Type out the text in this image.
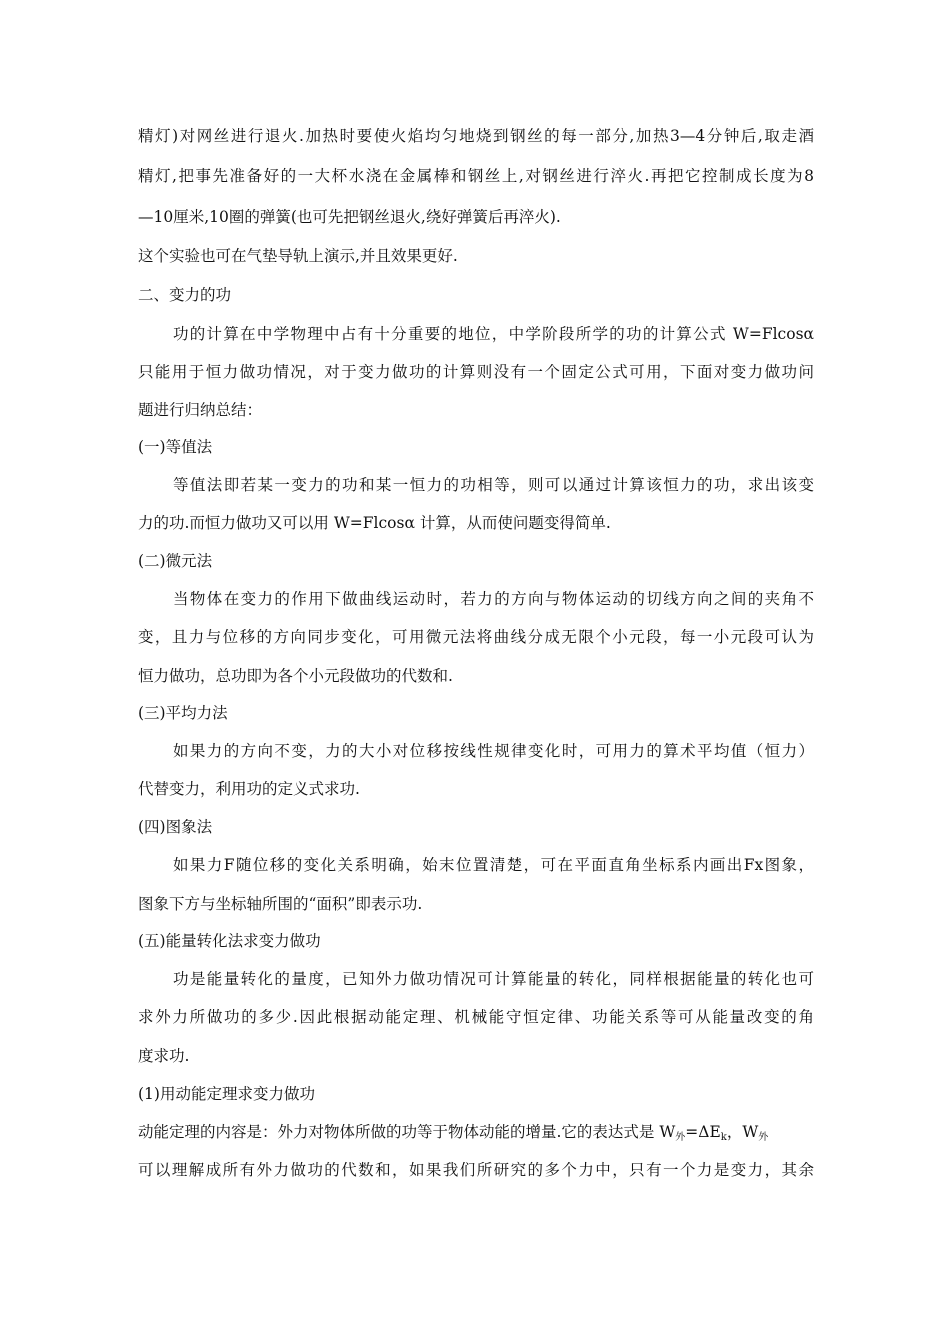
精灯)对网丝进行退火.加热时要使火焰均匀地烧到钢丝的每一部分,加热3—4分钟后,取走酒
精灯,把事先准备好的一大杯水浇在金属棒和钢丝上,对钢丝进行淬火.再把它控制成长度为8
—10厘米,10圈的弹簧(也可先把钢丝退火,绕好弹簧后再淬火).
这个实验也可在气垫导轨上演示,并且效果更好.
二、变力的功
功的计算在中学物理中占有十分重要的地位，中学阶段所学的功的计算公式 W=Flcosα
只能用于恒力做功情况，对于变力做功的计算则没有一个固定公式可用，下面对变力做功问
题进行归纳总结：
(一)等值法
等值法即若某一变力的功和某一恒力的功相等，则可以通过计算该恒力的功，求出该变
力的功.而恒力做功又可以用 W=Flcosα 计算，从而使问题变得简单.
(二)微元法
当物体在变力的作用下做曲线运动时，若力的方向与物体运动的切线方向之间的夹角不
变，且力与位移的方向同步变化，可用微元法将曲线分成无限个小元段，每一小元段可认为
恒力做功，总功即为各个小元段做功的代数和.
(三)平均力法
如果力的方向不变，力的大小对位移按线性规律变化时，可用力的算术平均值（恒力）
代替变力，利用功的定义式求功.
(四)图象法
如果力F随位移的变化关系明确，始末位置清楚，可在平面直角坐标系内画出Fx图象，
图象下方与坐标轴所围的“面积”即表示功.
(五)能量转化法求变力做功
功是能量转化的量度，已知外力做功情况可计算能量的转化，同样根据能量的转化也可
求外力所做功的多少.因此根据动能定理、机械能守恒定律、功能关系等可从能量改变的角
度求功.
(1)用动能定理求变力做功
动能定理的内容是：外力对物体所做的功等于物体动能的增量.它的表达式是 $W_外=\Delta E_k$，$W_外$
可以理解成所有外力做功的代数和，如果我们所研究的多个力中，只有一个力是变力，其余
